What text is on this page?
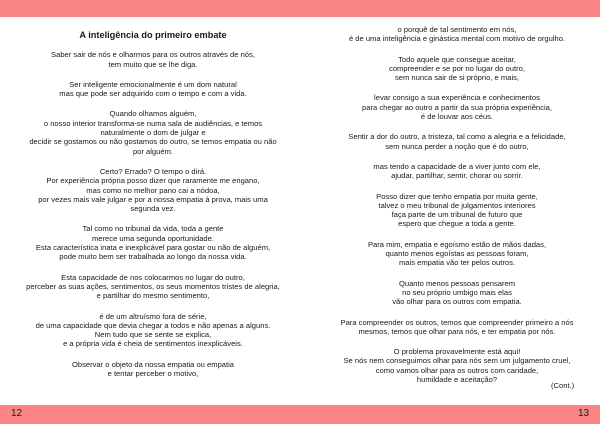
A inteligência do primeiro embate
Saber sair de nós e olharmos para os outros através de nós,
tem muito que se lhe diga.
Ser inteligente emocionalmente é um dom natural
mas que pode ser adquirido com o tempo e com a vida.
Quando olhamos alguém,
o nosso interior transforma-se numa sala de audiências, e temos
naturalmente o dom de julgar e
decidir se gostamos ou não gostamos do outro, se temos empatia ou não
por alguém.
Certo? Errado? O tempo o dirá.
Por experiência própria posso dizer que raramente me engano,
mas como no melhor pano cai a nódoa,
por vezes mais vale julgar e por a nossa empatia à prova, mais uma
segunda vez.
Tal como no tribunal da vida, toda a gente
merece uma segunda oportunidade.
Esta característica inata e inexplicável para gostar ou não de alguém,
pode muito bem ser trabalhada ao longo da nossa vida.
Esta capacidade de nos colocarmos no lugar do outro,
perceber as suas ações, sentimentos, os seus momentos tristes de alegria,
e partilhar do mesmo sentimento,
é de um altruísmo fora de série,
de uma capacidade que devia chegar a todos e não apenas a alguns.
Nem tudo que se sente se explica,
e a própria vida é cheia de sentimentos inexplicáveis.
Observar o objeto da nossa empatia ou empatia
e tentar perceber o motivo,
o porquê de tal sentimento em nós,
é de uma inteligência e ginástica mental com motivo de orgulho.
Todo aquele que consegue aceitar,
compreender e se por no lugar do outro,
sem nunca sair de si próprio, e mais,
levar consigo a sua experiência e conhecimentos
para chegar ao outro a partir da sua própria experiência,
é de louvar aos céus.
Sentir a dor do outro, a tristeza, tal como a alegria e a felicidade,
sem nunca perder a noção que é do outro,
mas tendo a capacidade de a viver junto com ele,
ajudar, partilhar, sentir, chorar ou sorrir.
Posso dizer que tenho empatia por muita gente,
talvez o meu tribunal de julgamentos interiores
faça parte de um tribunal de futuro que
espero que chegue a toda a gente.
Para mim, empatia e egoísmo estão de mãos dadas,
quanto menos egoístas as pessoas foram,
mais empatia vão ter pelos outros.
Quanto menos pessoas pensarem
no seu próprio umbigo mais elas
vão olhar para os outros com empatia.
Para compreender os outros, temos que compreender primeiro a nós
mesmos, temos que olhar para nós, e ter empatia por nós.
O problema provavelmente está aqui!
Se nós nem conseguimos olhar para nós sem um julgamento cruel,
como vamos olhar para os outros com caridade,
humildade e aceitação?
(Cont.)
12	13
